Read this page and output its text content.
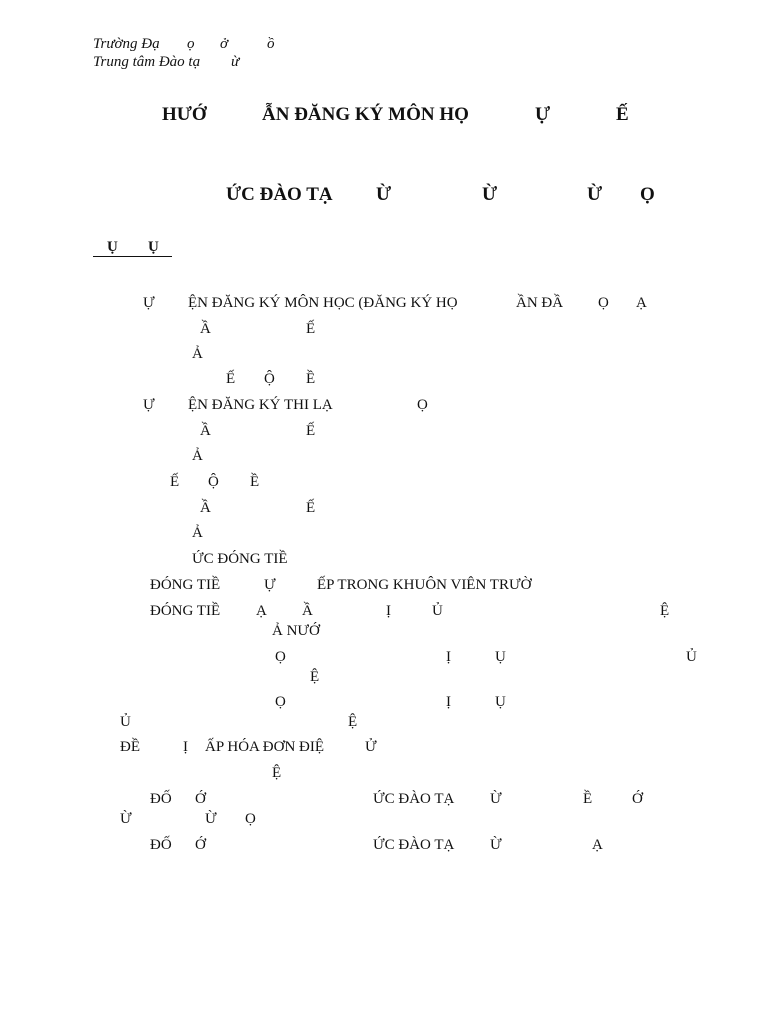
Trường Đạ ọ ở	ồ
Trung tâm Đào tạ ừ
HƯỚ	ẪN ĐĂNG KÝ MÔN HỌ	Ự	Ế
ỨC ĐÀO TẠ Ừ	Ừ	Ừ Ọ
Ụ Ụ
Ự ỆN ĐĂNG KÝ MÔN HỌC (ĐĂNG KÝ HỌ	ẦN ĐẦ Ọ Ạ
Ầ	Ế
Ả
Ế Ộ Ề
Ự ỆN ĐĂNG KÝ THI LẠ	Ọ
Ầ	Ế
Ả
Ế Ộ Ề
Ầ	Ế
Ả
ỨC ĐÓNG TIỀ
ĐÓNG TIỀ	Ự	ẾP TRONG KHUÔN VIÊN TRƯỜ
ĐÓNG TIỀ Ạ Ầ	Ị	Ủ	Ệ
Ả NƯỚ
Ọ	Ị	Ụ	Ủ
Ệ
Ọ	Ị	Ụ
Ủ	Ệ
ĐỀ	Ị ẤP HÓA ĐƠN ĐIỆ	Ử
Ệ
ĐỐ Ớ	ỨC ĐÀO TẠ Ừ	Ề	Ớ
Ừ	Ừ Ọ
ĐỐ Ớ	ỨC ĐÀO TẠ Ừ	Ạ
